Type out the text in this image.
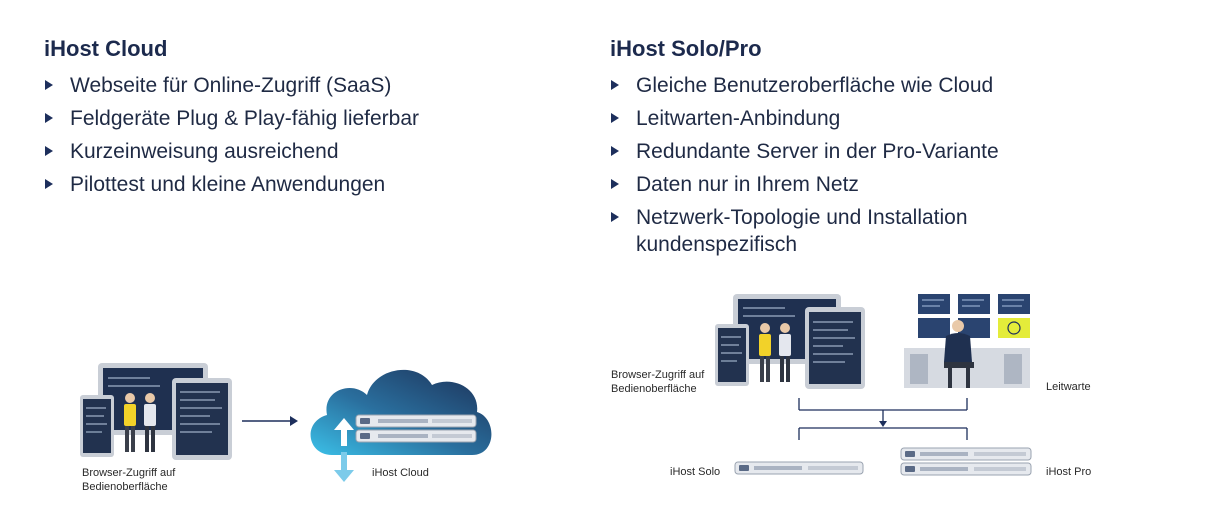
iHost Cloud
Webseite für Online-Zugriff (SaaS)
Feldgeräte Plug & Play-fähig lieferbar
Kurzeinweisung ausreichend
Pilottest und kleine Anwendungen
iHost Solo/Pro
Gleiche Benutzeroberfläche wie Cloud
Leitwarten-Anbindung
Redundante Server in der Pro-Variante
Daten nur in Ihrem Netz
Netzwerk-Topologie und Installation kundenspezifisch
Browser-Zugriff auf
Bedienoberfläche
iHost Cloud
Browser-Zugriff auf
Bedienoberfläche	Leitwarte
iHost Solo	iHost Pro
